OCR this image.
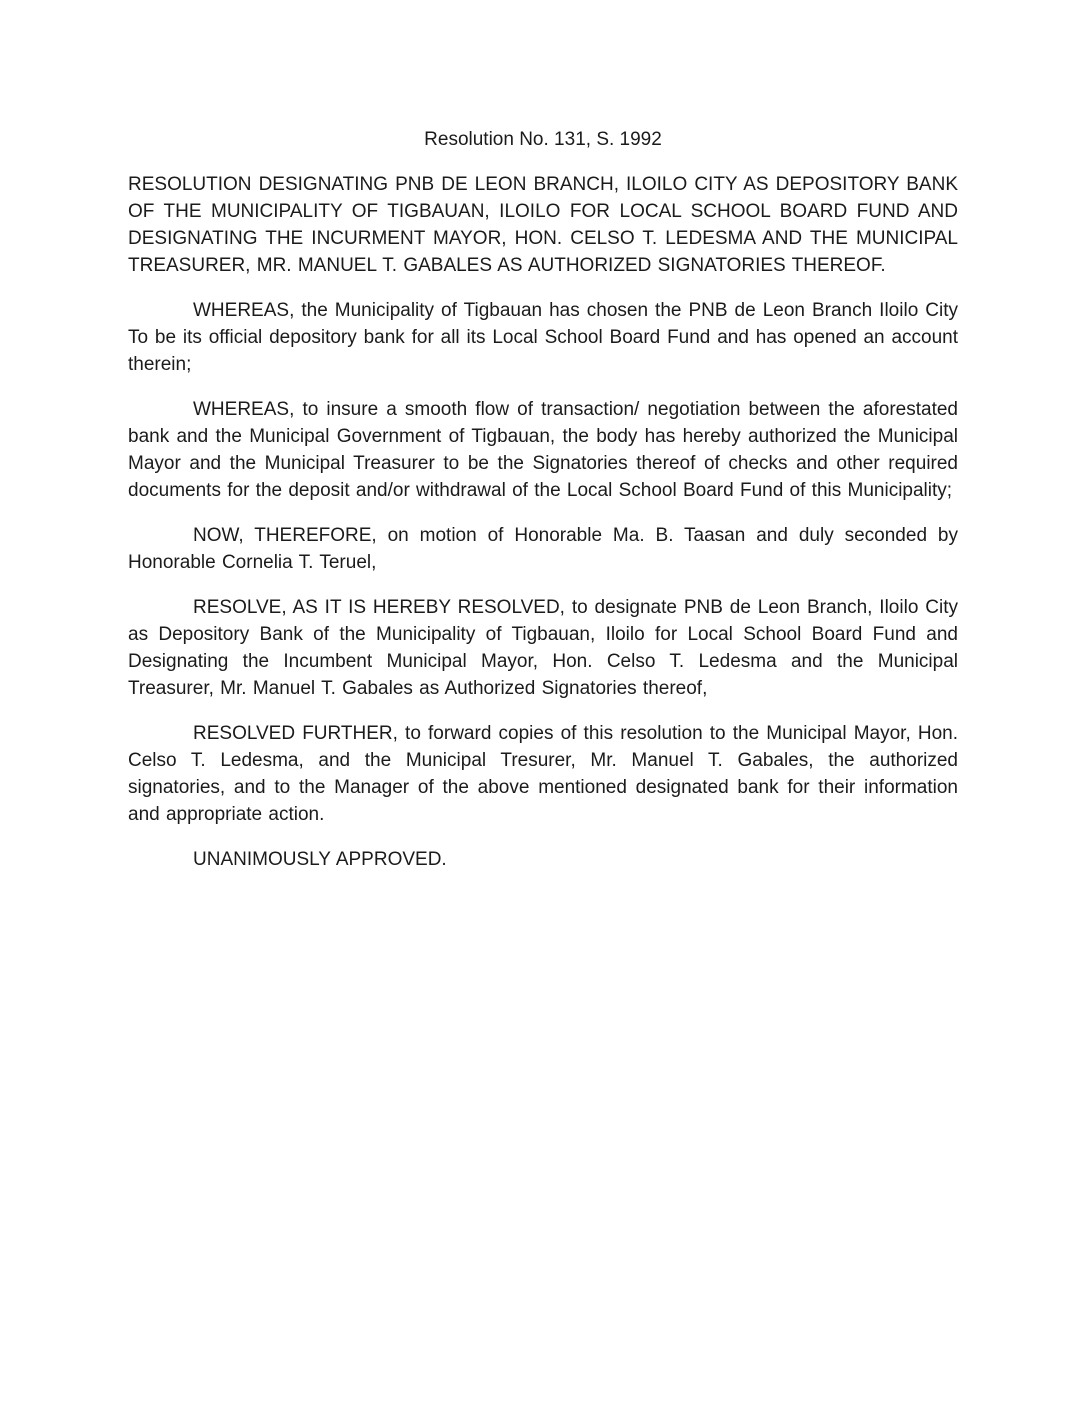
Resolution No. 131, S. 1992

RESOLUTION DESIGNATING PNB DE LEON BRANCH, ILOILO CITY AS DEPOSITORY BANK OF THE MUNICIPALITY OF TIGBAUAN, ILOILO FOR LOCAL SCHOOL BOARD FUND AND DESIGNATING THE INCURMENT MAYOR, HON. CELSO T. LEDESMA AND THE MUNICIPAL TREASURER, MR. MANUEL T. GABALES AS AUTHORIZED SIGNATORIES THEREOF.

WHEREAS, the Municipality of Tigbauan has chosen the PNB de Leon Branch Iloilo City To be its official depository bank for all its Local School Board Fund and has opened an account therein;

WHEREAS, to insure a smooth flow of transaction/ negotiation between the aforestated bank and the Municipal Government of Tigbauan, the body has hereby authorized the Municipal Mayor and the Municipal Treasurer to be the Signatories thereof of checks and other required documents for the deposit and/or withdrawal of the Local School Board Fund of this Municipality;

NOW, THEREFORE, on motion of Honorable Ma. B. Taasan and duly seconded by Honorable Cornelia T. Teruel,

RESOLVE, AS IT IS HEREBY RESOLVED, to designate PNB de Leon Branch, Iloilo City as Depository Bank of the Municipality of Tigbauan, Iloilo for Local School Board Fund and Designating the Incumbent Municipal Mayor, Hon. Celso T. Ledesma and the Municipal Treasurer, Mr. Manuel T. Gabales as Authorized Signatories thereof,

RESOLVED FURTHER, to forward copies of this resolution to the Municipal Mayor, Hon. Celso T. Ledesma, and the Municipal Tresurer, Mr. Manuel T. Gabales, the authorized signatories, and to the Manager of the above mentioned designated bank for their information and appropriate action.

UNANIMOUSLY APPROVED.
